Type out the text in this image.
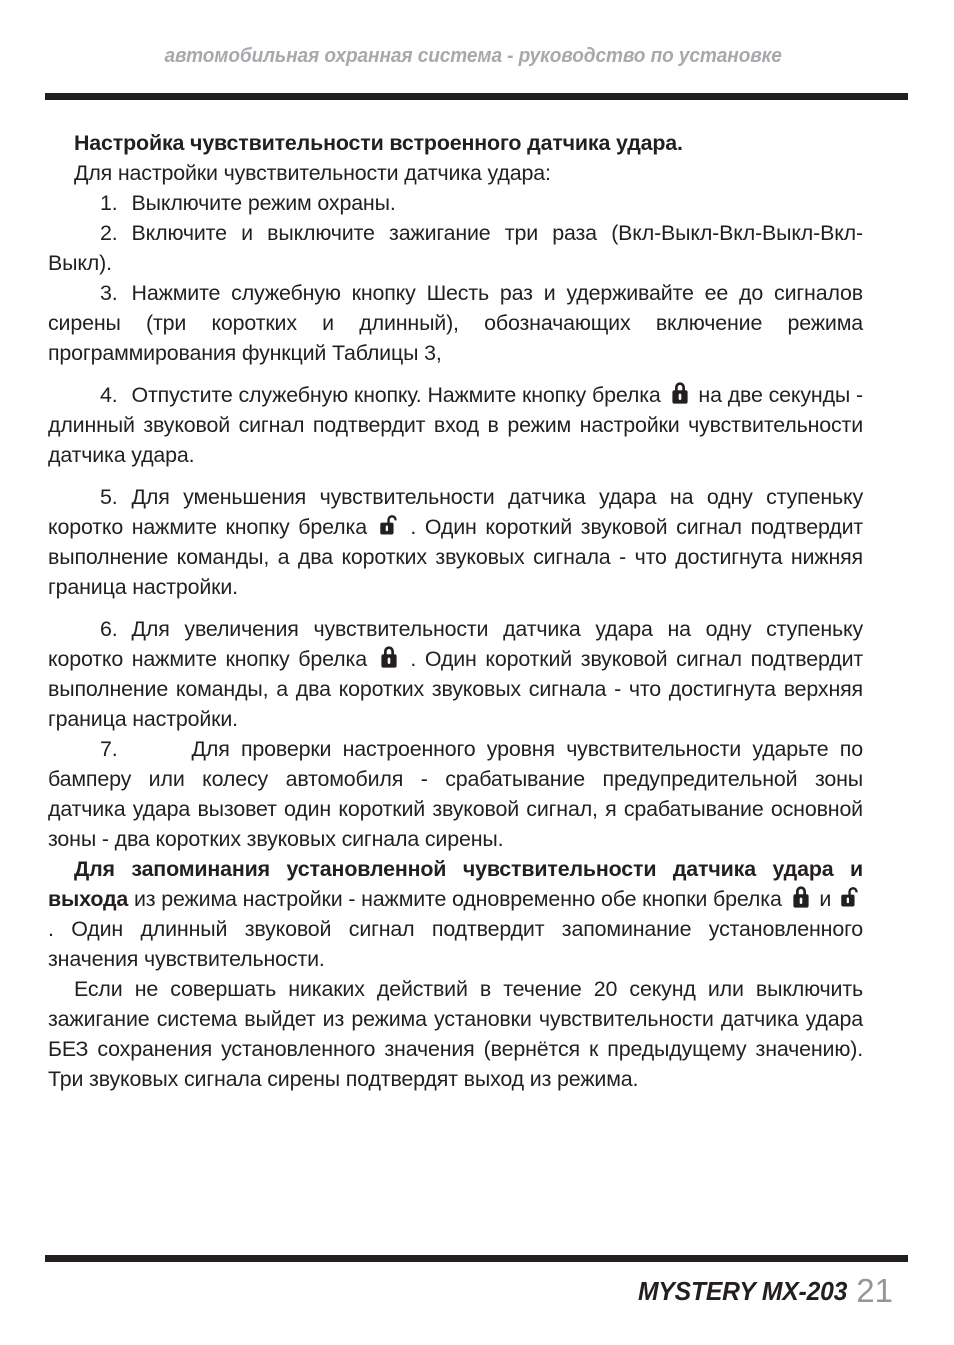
автомобильная охранная система - руководство по установке

Настройка чувствительности встроенного датчика удара.

Для настройки чувствительности датчика удара:

1. Выключите режим охраны.

2. Включите и выключите зажигание три раза (Вкл-Выкл-Вкл-Выкл-Вкл-Выкл).

3. Нажмите служебную кнопку Шесть раз и удерживайте ее до сигналов сирены (три коротких и длинный), обозначающих включение режима программирования функций Таблицы 3,

4. Отпустите служебную кнопку. Нажмите кнопку брелка на две секунды - длинный звуковой сигнал подтвердит вход в режим настройки чувствительности датчика удара.

5. Для уменьшения чувствительности датчика удара на одну ступеньку коротко нажмите кнопку брелка . Один короткий звуковой сигнал подтвердит выполнение команды, а два коротких звуковых сигнала - что достигнута нижняя граница настройки.

6. Для увеличения чувствительности датчика удара на одну ступеньку коротко нажмите кнопку брелка . Один короткий звуковой сигнал подтвердит выполнение команды, а два коротких звуковых сигнала - что достигнута верхняя граница настройки.

7.	Для проверки настроенного уровня чувствительности ударьте по бамперу или колесу автомобиля - срабатывание предупредительной зоны датчика удара вызовет один короткий звуковой сигнал, я срабатывание основной зоны - два коротких звуковых сигнала сирены.

Для запоминания установленной чувствительности датчика удара и выхода из режима настройки - нажмите одновременно обе кнопки брелка и
. Один длинный звуковой сигнал подтвердит запоминание установленного значения чувствительности.

Если не совершать никаких действий в течение 20 секунд или выключить зажигание система выйдет из режима установки чувствительности датчика удара БЕЗ сохранения установленного значения (вернётся к предыдущему значению). Три звуковых сигнала сирены подтвердят выход из режима.

MYSTERY MX-203 21
